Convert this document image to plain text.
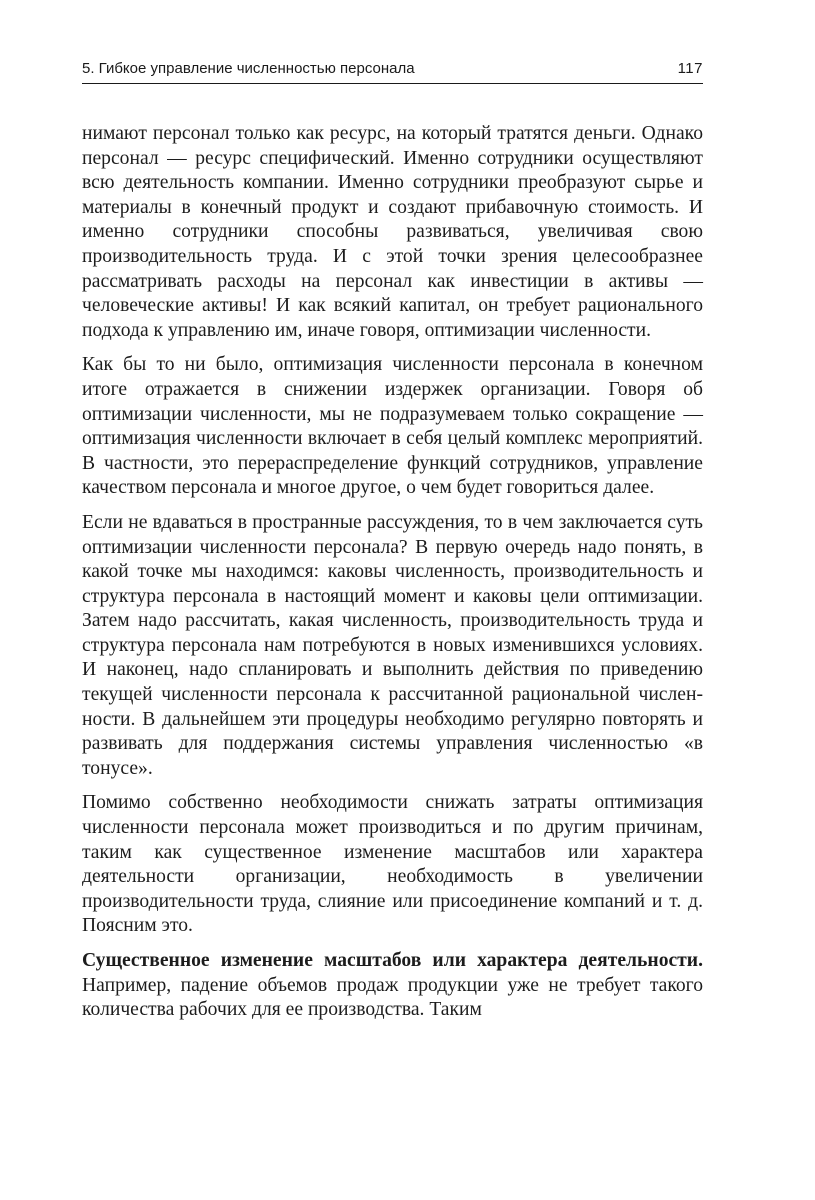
5. Гибкое управление численностью персонала	117

нимают персонал только как ресурс, на который тратятся деньги. Однако персонал — ресурс специфический. Именно сотрудники осуществляют всю деятельность компании. Именно сотрудники преобразуют сырье и материалы в конечный продукт и создают прибавочную стоимость. И именно сотрудники способны развиваться, увеличивая свою производительность труда. И с этой точки зрения целесообразнее рассматривать расходы на персонал как инвестиции в активы — человеческие активы! И как всякий капитал, он требует рационального подхода к управлению им, иначе говоря, оптимизации численности.

Как бы то ни было, оптимизация численности персонала в конечном итоге отражается в снижении издержек организации. Говоря об оптимизации численности, мы не подразумеваем только сокращение — оптимизация численности включает в себя целый комплекс мероприятий. В частности, это перераспределение функций сотрудников, управление качеством персонала и многое другое, о чем будет говориться далее.

Если не вдаваться в пространные рассуждения, то в чем заключается суть оптимизации численности персонала? В первую очередь надо понять, в какой точке мы находимся: каковы численность, производительность и структура персонала в настоящий момент и каковы цели оптимизации. Затем надо рассчитать, какая численность, производительность труда и структура персонала нам потребуются в новых изменившихся условиях. И наконец, надо спланировать и выполнить действия по приведению текущей численности персонала к рассчитанной рациональной численности. В дальнейшем эти процедуры необходимо регулярно повторять и развивать для поддержания системы управления численностью «в тонусе».

Помимо собственно необходимости снижать затраты оптимизация численности персонала может производиться и по другим причинам, таким как существенное изменение масштабов или характера деятельности организации, необходимость в увеличении производительности труда, слияние или присоединение компаний и т. д. Поясним это.

Существенное изменение масштабов или характера деятельности. Например, падение объемов продаж продукции уже не требует такого количества рабочих для ее производства. Таким
